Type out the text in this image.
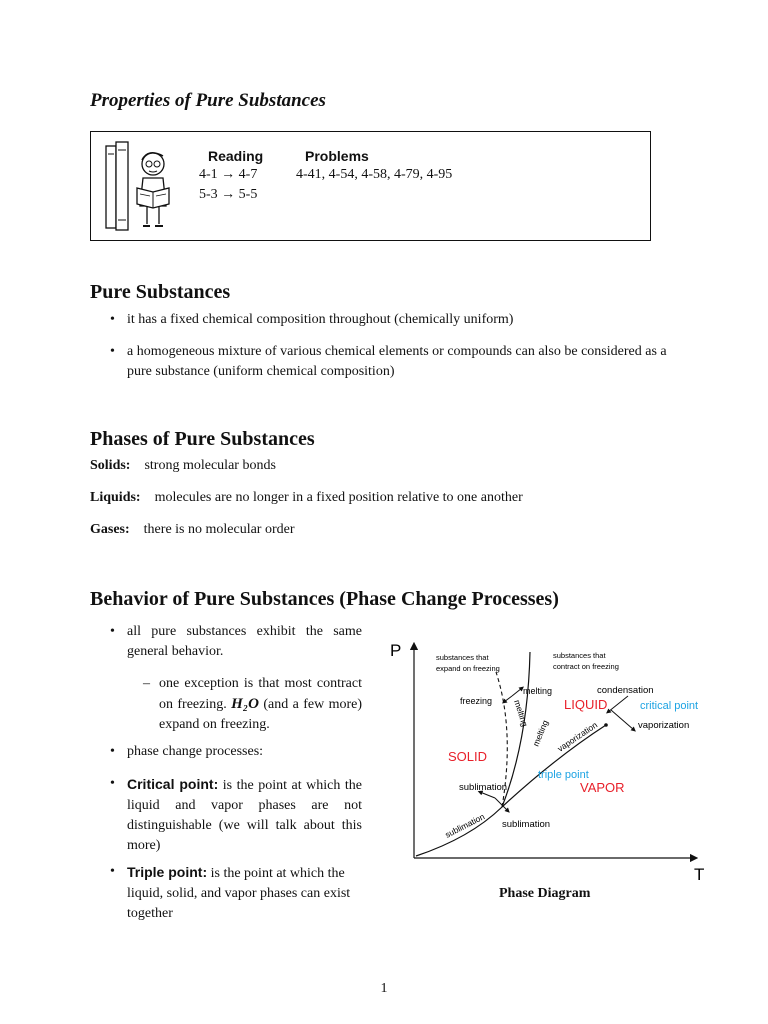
Properties of Pure Substances
Reading	Problems
4-1 → 4-7	4-41, 4-54, 4-58, 4-79, 4-95
5-3 → 5-5
Pure Substances
• it has a fixed chemical composition throughout (chemically uniform)
• a homogeneous mixture of various chemical elements or compounds can also be considered as a pure substance (uniform chemical composition)
Phases of Pure Substances
Solids: strong molecular bonds
Liquids: molecules are no longer in a fixed position relative to one another
Gases: there is no molecular order
Behavior of Pure Substances (Phase Change Processes)
• all pure substances exhibit the same general behavior.
– one exception is that most contract on freezing. H₂O (and a few more) expand on freezing.
• phase change processes:
• Critical point: is the point at which the liquid and vapor phases are not distinguishable (we will talk about this more)
• Triple point: is the point at which the liquid, solid, and vapor phases can exist together
P
T
substances that
expand on freezing
substances that
contract on freezing
melting
freezing melting
melting
LIQUID
condensation
critical point
vaporization
vaporization
SOLID
triple point
VAPOR
sublimation
sublimation
sublimation
Phase Diagram
1
